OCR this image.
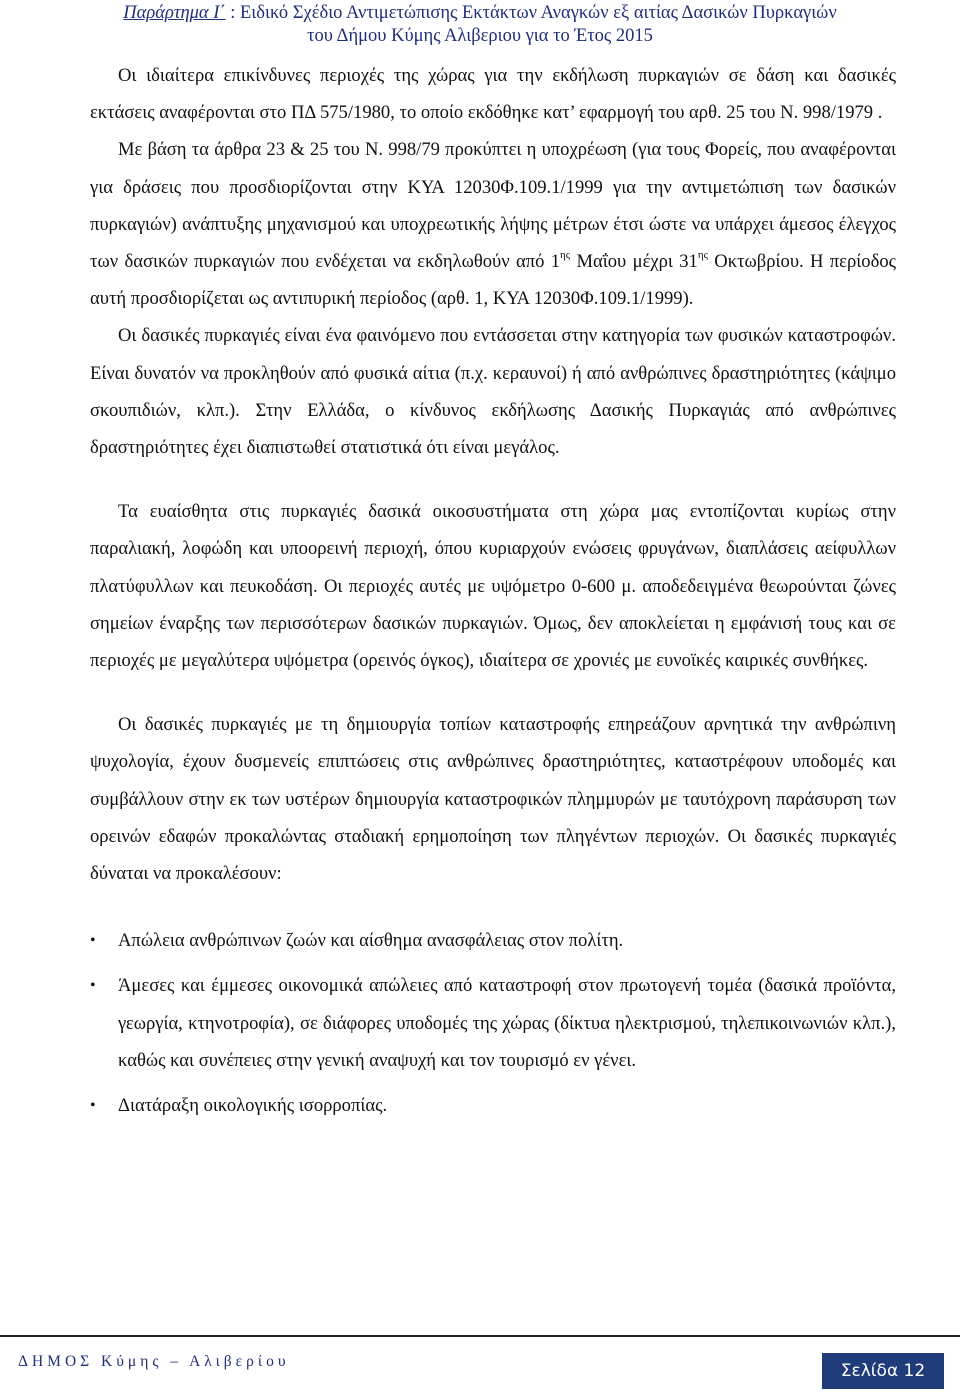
Παράρτημα Ι΄ : Ειδικό Σχέδιο Αντιμετώπισης Εκτάκτων Αναγκών εξ αιτίας Δασικών Πυρκαγιών
του Δήμου Κύμης Αλιβεριου για το Έτος 2015

Οι ιδιαίτερα επικίνδυνες περιοχές της χώρας για την εκδήλωση πυρκαγιών σε δάση και δασικές εκτάσεις αναφέρονται στο ΠΔ 575/1980, το οποίο εκδόθηκε κατ’ εφαρμογή του αρθ. 25 του Ν. 998/1979 .

Με βάση τα άρθρα 23 & 25 του Ν. 998/79 προκύπτει η υποχρέωση (για τους Φορείς, που αναφέρονται για δράσεις που προσδιορίζονται στην ΚΥΑ 12030Φ.109.1/1999 για την αντιμετώπιση των δασικών πυρκαγιών) ανάπτυξης μηχανισμού και υποχρεωτικής λήψης μέτρων έτσι ώστε να υπάρχει άμεσος έλεγχος των δασικών πυρκαγιών που ενδέχεται να εκδηλωθούν από $1^{\eta\varsigma}$ Μαΐου μέχρι $31^{\eta\varsigma}$ Οκτωβρίου. Η περίοδος αυτή προσδιορίζεται ως αντιπυρική περίοδος (αρθ. 1, ΚΥΑ 12030Φ.109.1/1999).

Οι δασικές πυρκαγιές είναι ένα φαινόμενο που εντάσσεται στην κατηγορία των φυσικών καταστροφών. Είναι δυνατόν να προκληθούν από φυσικά αίτια (π.χ. κεραυνοί) ή από ανθρώπινες δραστηριότητες (κάψιμο σκουπιδιών, κλπ.). Στην Ελλάδα, ο κίνδυνος εκδήλωσης Δασικής Πυρκαγιάς από ανθρώπινες δραστηριότητες έχει διαπιστωθεί στατιστικά ότι είναι μεγάλος.

Τα ευαίσθητα στις πυρκαγιές δασικά οικοσυστήματα στη χώρα μας εντοπίζονται κυρίως στην παραλιακή, λοφώδη και υποορεινή περιοχή, όπου κυριαρχούν ενώσεις φρυγάνων, διαπλάσεις αείφυλλων πλατύφυλλων και πευκοδάση. Οι περιοχές αυτές με υψόμετρο 0-600 μ. αποδεδειγμένα θεωρούνται ζώνες σημείων έναρξης των περισσότερων δασικών πυρκαγιών. Όμως, δεν αποκλείεται η εμφάνισή τους και σε περιοχές με μεγαλύτερα υψόμετρα (ορεινός όγκος), ιδιαίτερα σε χρονιές με ευνοϊκές καιρικές συνθήκες.

Οι δασικές πυρκαγιές με τη δημιουργία τοπίων καταστροφής επηρεάζουν αρνητικά την ανθρώπινη ψυχολογία, έχουν δυσμενείς επιπτώσεις στις ανθρώπινες δραστηριότητες, καταστρέφουν υποδομές και συμβάλλουν στην εκ των υστέρων δημιουργία καταστροφικών πλημμυρών με ταυτόχρονη παράσυρση των ορεινών εδαφών προκαλώντας σταδιακή ερημοποίηση των πληγέντων περιοχών. Οι δασικές πυρκαγιές δύναται να προκαλέσουν:

• Απώλεια ανθρώπινων ζωών και αίσθημα ανασφάλειας στον πολίτη.
• Άμεσες και έμμεσες οικονομικά απώλειες από καταστροφή στον πρωτογενή τομέα (δασικά προϊόντα, γεωργία, κτηνοτροφία), σε διάφορες υποδομές της χώρας (δίκτυα ηλεκτρισμού, τηλεπικοινωνιών κλπ.), καθώς και συνέπειες στην γενική αναψυχή και τον τουρισμό εν γένει.
• Διατάραξη οικολογικής ισορροπίας.
ΔΗΜΟΣ Κύμης – Αλιβερίου	Σελίδα 12
